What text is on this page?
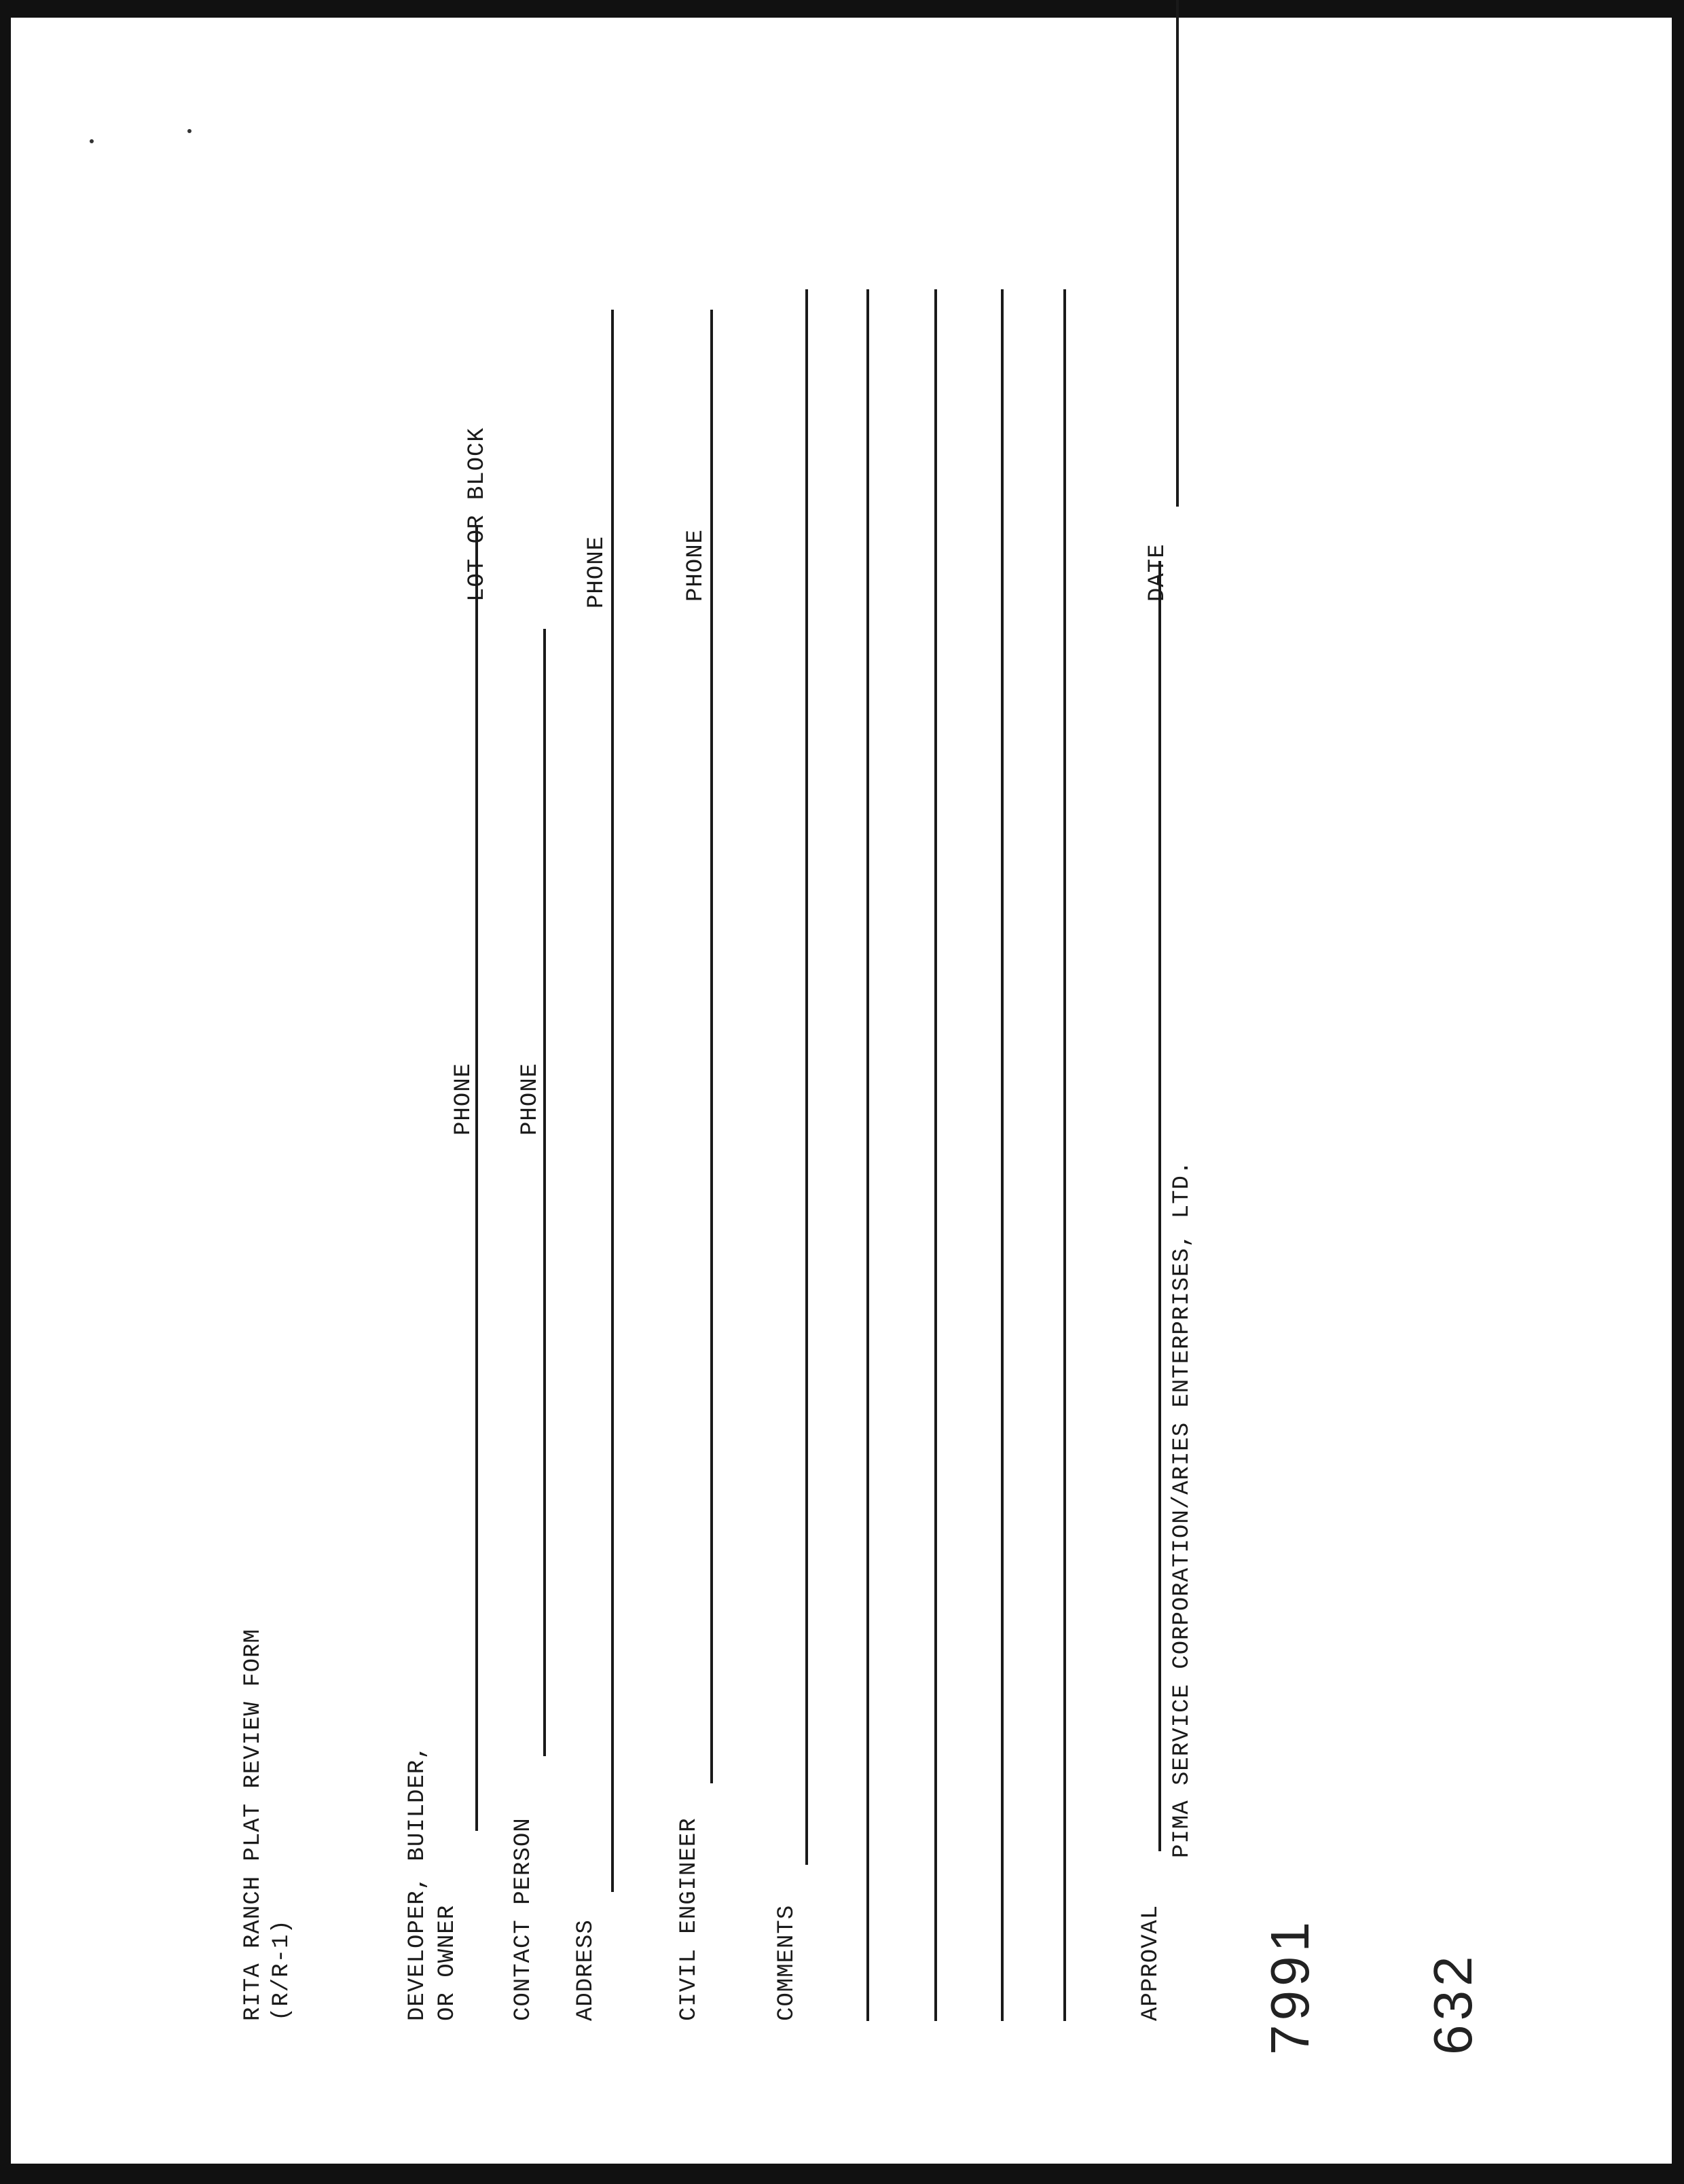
RITA RANCH PLAT REVIEW FORM (R/R-1)	DEVELOPER, BUILDER, OR OWNER
PHONE
LOT OR BLOCK
CONTACT PERSON
PHONE
ADDRESS
PHONE
CIVIL ENGINEER
PHONE
COMMENTS	APPROVAL
PIMA SERVICE CORPORATION/ARIES ENTERPRISES, LTD.
DATE
7991 632
